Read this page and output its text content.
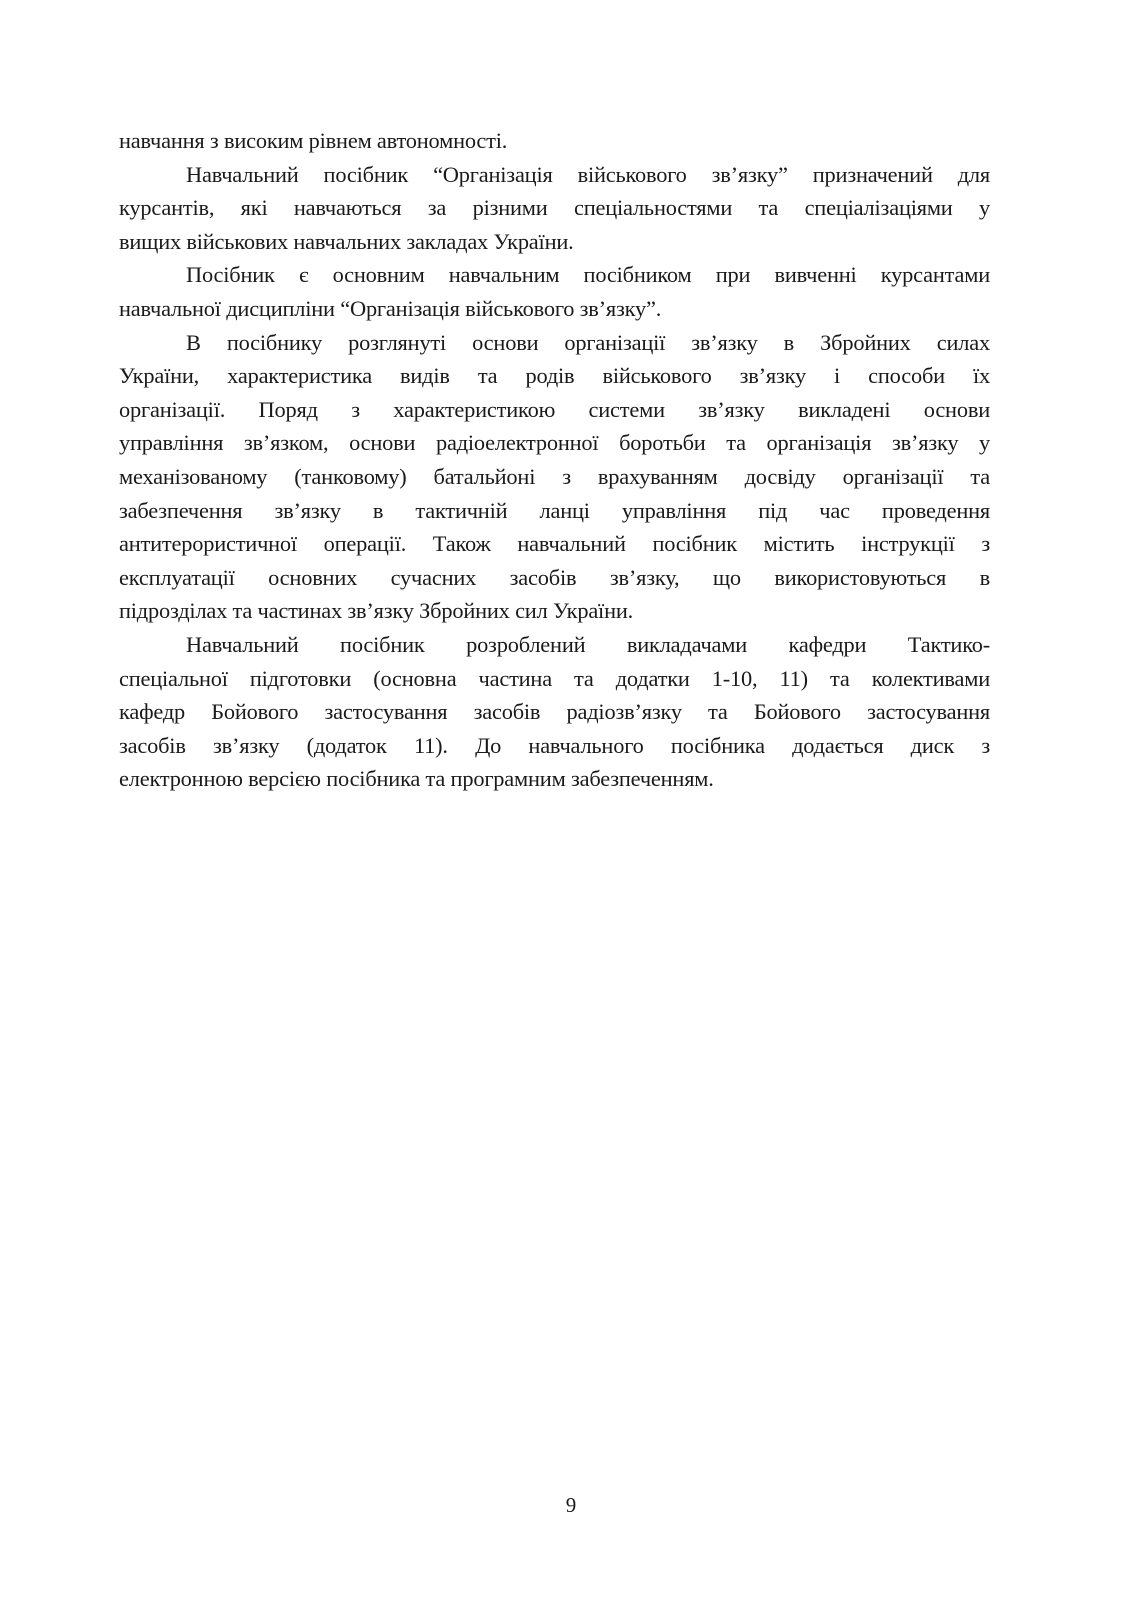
навчання з високим рівнем автономності.
Навчальний посібник “Організація військового зв’язку” призначений для
курсантів, які навчаються за різними спеціальностями та спеціалізаціями у
вищих військових навчальних закладах України.
Посібник є основним навчальним посібником при вивченні курсантами
навчальної дисципліни “Організація військового зв’язку”.
В посібнику розглянуті основи організації зв’язку в Збройних силах
України, характеристика видів та родів військового зв’язку і способи їх
організації. Поряд з характеристикою системи зв’язку викладені основи
управління зв’язком, основи радіоелектронної боротьби та організація зв’язку у
механізованому (танковому) батальйоні з врахуванням досвіду організації та
забезпечення зв’язку в тактичній ланці управління під час проведення
антитерористичної операції. Також навчальний посібник містить інструкції з
експлуатації основних сучасних засобів зв’язку, що використовуються в
підрозділах та частинах зв’язку Збройних сил України.
Навчальний посібник розроблений викладачами кафедри Тактико-
спеціальної підготовки (основна частина та додатки 1-10, 11) та колективами
кафедр Бойового застосування засобів радіозв’язку та Бойового застосування
засобів зв’язку (додаток 11). До навчального посібника додається диск з
електронною версією посібника та програмним забезпеченням.
9
